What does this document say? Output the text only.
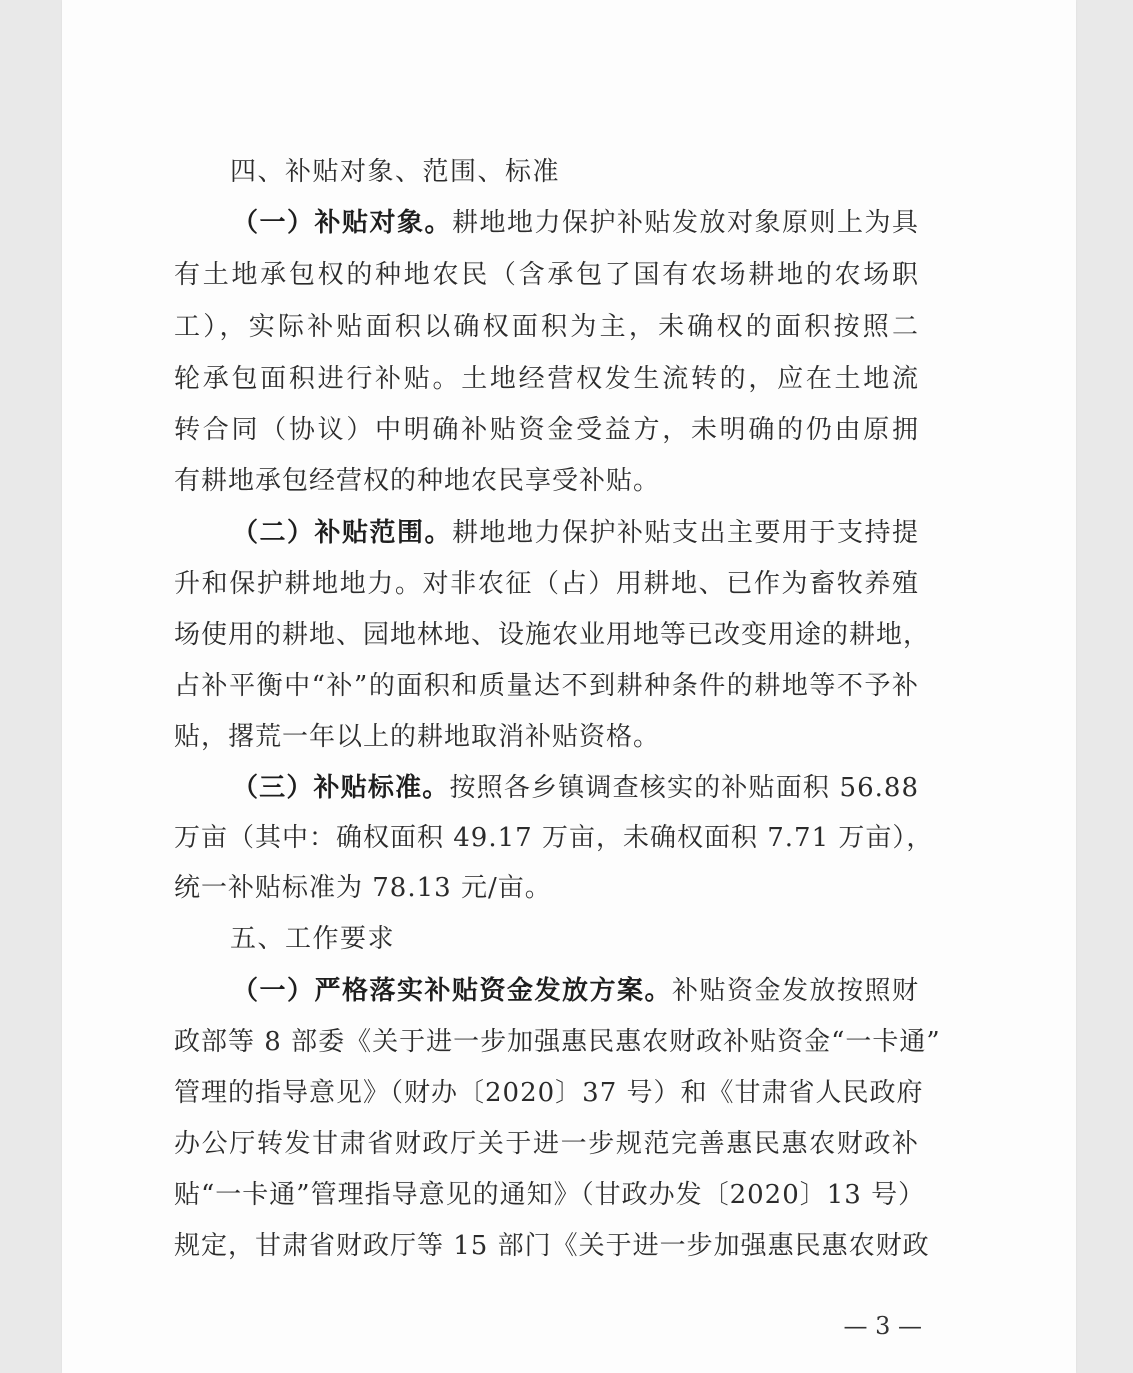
四、补贴对象、范围、标准
（一）补贴对象。耕地地力保护补贴发放对象原则上为具
有土地承包权的种地农民（含承包了国有农场耕地的农场职
工），实际补贴面积以确权面积为主，未确权的面积按照二
轮承包面积进行补贴。土地经营权发生流转的，应在土地流
转合同（协议）中明确补贴资金受益方，未明确的仍由原拥
有耕地承包经营权的种地农民享受补贴。
（二）补贴范围。耕地地力保护补贴支出主要用于支持提
升和保护耕地地力。对非农征（占）用耕地、已作为畜牧养殖
场使用的耕地、园地林地、设施农业用地等已改变用途的耕地，
占补平衡中“补”的面积和质量达不到耕种条件的耕地等不予补
贴，撂荒一年以上的耕地取消补贴资格。
（三）补贴标准。按照各乡镇调查核实的补贴面积 56.88
万亩（其中：确权面积 49.17 万亩，未确权面积 7.71 万亩），
统一补贴标准为 78.13 元/亩。
五、工作要求
（一）严格落实补贴资金发放方案。补贴资金发放按照财
政部等 8 部委《关于进一步加强惠民惠农财政补贴资金“一卡通”
管理的指导意见》（财办〔2020〕37 号）和《甘肃省人民政府
办公厅转发甘肃省财政厅关于进一步规范完善惠民惠农财政补
贴“一卡通”管理指导意见的通知》（甘政办发〔2020〕13 号）
规定，甘肃省财政厅等 15 部门《关于进一步加强惠民惠农财政
— 3 —
